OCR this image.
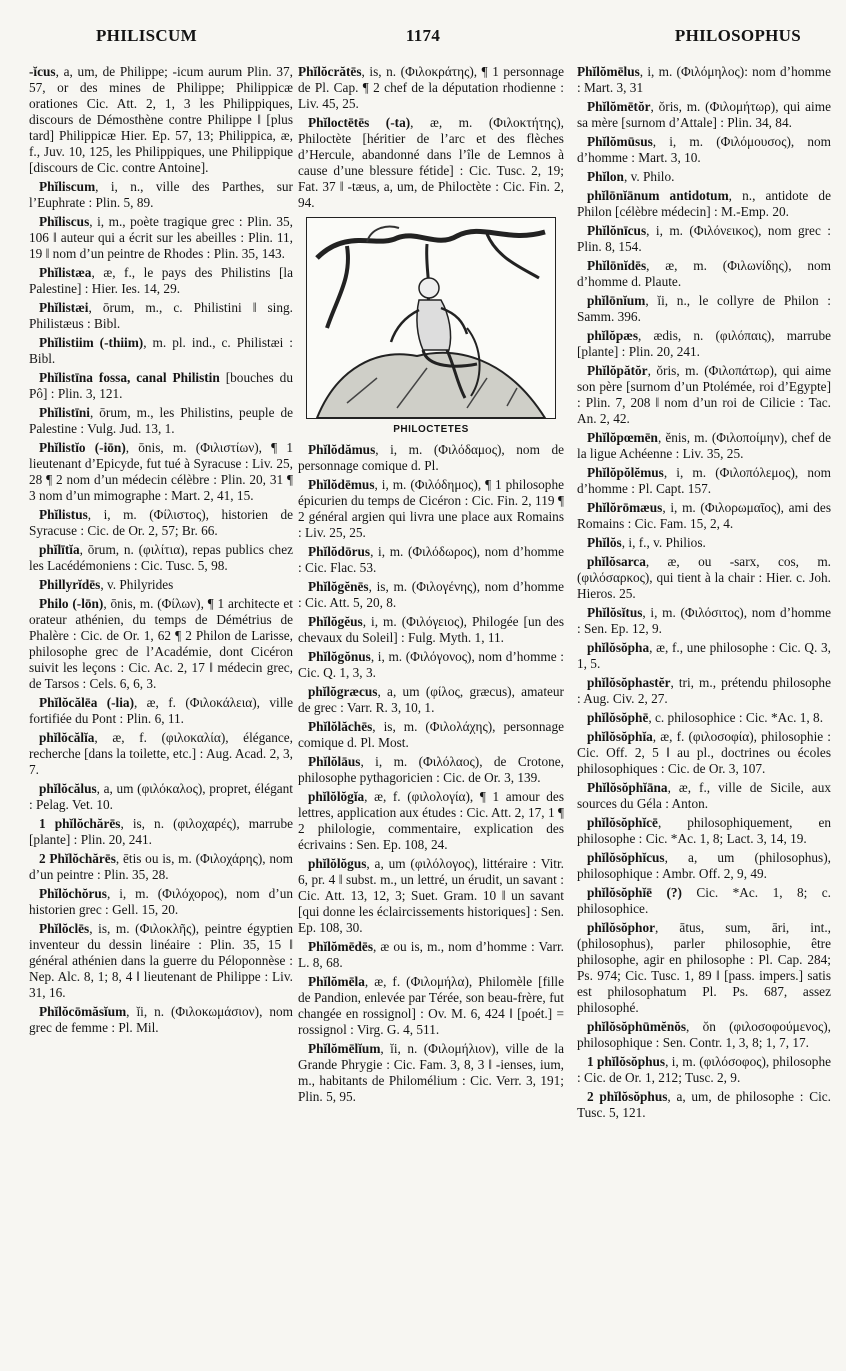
PHILISCUM	1174	PHILOSOPHUS

-ĭcus, a, um, de Philippe; -icum aurum Plin. 37, 57, or des mines de Philippe; Philippicæ orationes Cic. Att. 2, 1, 3 les Philippiques, discours de Démosthène contre Philippe ‖ [plus tard] Philippicæ Hier. Ep. 57, 13; Philippica, æ, f., Juv. 10, 125, les Philippiques, une Philippique [discours de Cic. contre Antoine].

Phĭliscum, i, n., ville des Parthes, sur l’Euphrate : Plin. 5, 89.

Phĭliscus, i, m., poète tragique grec : Plin. 35, 106 ‖ auteur qui a écrit sur les abeilles : Plin. 11, 19 ‖ nom d’un peintre de Rhodes : Plin. 35, 143.

Phĭlistæa, æ, f., le pays des Philistins [la Palestine] : Hier. Ies. 14, 29.

Phĭlistæi, ōrum, m., c. Philistini ‖ sing. Philistæus : Bibl.

Phĭlistiim (-thiim), m. pl. ind., c. Philistæi : Bibl.

Phĭlistīna fossa, canal Philistin [bouches du Pô] : Plin. 3, 121.

Phĭlistīni, ōrum, m., les Philistins, peuple de Palestine : Vulg. Jud. 13, 1.

Phĭlistĭo (-iōn), ōnis, m. (Φιλιστίων), ¶ 1 lieutenant d’Epicyde, fut tué à Syracuse : Liv. 25, 28 ¶ 2 nom d’un médecin célèbre : Plin. 20, 31 ¶ 3 nom d’un mimographe : Mart. 2, 41, 15.

Phĭlistus, i, m. (Φίλιστος), historien de Syracuse : Cic. de Or. 2, 57; Br. 66.

phĭlītĭa, ōrum, n. (φιλίτια), repas publics chez les Lacédémoniens : Cic. Tusc. 5, 98.

Phillyrĭdēs, v. Philyrides

Philo (-lōn), ōnis, m. (Φίλων), ¶ 1 architecte et orateur athénien, du temps de Démétrius de Phalère : Cic. de Or. 1, 62 ¶ 2 Philon de Larisse, philosophe grec de l’Académie, dont Cicéron suivit les leçons : Cic. Ac. 2, 17 ‖ médecin grec, de Tarsos : Cels. 6, 6, 3.

Phĭlŏcălēa (-lia), æ, f. (Φιλοκάλεια), ville fortifiée du Pont : Plin. 6, 11.

phĭlŏcălĭa, æ, f. (φιλοκαλία), élégance, recherche [dans la toilette, etc.] : Aug. Acad. 2, 3, 7.

phĭlŏcălus, a, um (φιλόκαλος), propret, élégant : Pelag. Vet. 10.

1 phĭlŏchărēs, is, n. (φιλοχαρές), marrube [plante] : Plin. 20, 241.

2 Phĭlŏchărēs, ētis ou is, m. (Φιλοχάρης), nom d’un peintre : Plin. 35, 28.

Phĭlŏchŏrus, i, m. (Φιλόχορος), nom d’un historien grec : Gell. 15, 20.

Phĭlŏclēs, is, m. (Φιλοκλῆς), peintre égyptien inventeur du dessin linéaire : Plin. 35, 15 ‖ général athénien dans la guerre du Péloponnèse : Nep. Alc. 8, 1; 8, 4 ‖ lieutenant de Philippe : Liv. 31, 16.

Phĭlŏcōmăsĭum, ĭi, n. (Φιλοκωμάσιον), nom grec de femme : Pl. Mil.

Phĭlŏcrătēs, is, n. (Φιλοκράτης), ¶ 1 personnage de Pl. Cap. ¶ 2 chef de la députation rhodienne : Liv. 45, 25.

Phĭloctētēs (-ta), æ, m. (Φιλοκτήτης), Philoctète [héritier de l’arc et des flèches d’Hercule, abandonné dans l’île de Lemnos à cause d’une blessure fétide] : Cic. Tusc. 2, 19; Fat. 37 ‖ -tæus, a, um, de Philoctète : Cic. Fin. 2, 94.

PHILOCTETES

Phĭlŏdămus, i, m. (Φιλόδαμος), nom de personnage comique d. Pl.

Phĭlŏdēmus, i, m. (Φιλόδημος), ¶ 1 philosophe épicurien du temps de Cicéron : Cic. Fin. 2, 119 ¶ 2 général argien qui livra une place aux Romains : Liv. 25, 25.

Phĭlŏdōrus, i, m. (Φιλόδωρος), nom d’homme : Cic. Flac. 53.

Phĭlŏgĕnēs, is, m. (Φιλογένης), nom d’homme : Cic. Att. 5, 20, 8.

Phĭlŏgĕus, i, m. (Φιλόγειος), Philogée [un des chevaux du Soleil] : Fulg. Myth. 1, 11.

Phĭlŏgŏnus, i, m. (Φιλόγονος), nom d’homme : Cic. Q. 1, 3, 3.

phĭlŏgræcus, a, um (φίλος, græcus), amateur de grec : Varr. R. 3, 10, 1.

Phĭlŏlăchēs, is, m. (Φιλολάχης), personnage comique d. Pl. Most.

Phĭlŏlāus, i, m. (Φιλόλαος), de Crotone, philosophe pythagoricien : Cic. de Or. 3, 139.

phĭlŏlŏgĭa, æ, f. (φιλολογία), ¶ 1 amour des lettres, application aux études : Cic. Att. 2, 17, 1 ¶ 2 philologie, commentaire, explication des écrivains : Sen. Ep. 108, 24.

phĭlŏlŏgus, a, um (φιλόλογος), littéraire : Vitr. 6, pr. 4 ‖ subst. m., un lettré, un érudit, un savant : Cic. Att. 13, 12, 3; Suet. Gram. 10 ‖ un savant [qui donne les éclaircissements historiques] : Sen. Ep. 108, 30.

Phĭlŏmēdēs, æ ou is, m., nom d’homme : Varr. L. 8, 68.

Phĭlŏmēla, æ, f. (Φιλομήλα), Philomèle [fille de Pandion, enlevée par Térée, son beau-frère, fut changée en rossignol] : Ov. M. 6, 424 ‖ [poét.] = rossignol : Virg. G. 4, 511.

Phĭlŏmēlĭum, ĭi, n. (Φιλομήλιον), ville de la Grande Phrygie : Cic. Fam. 3, 8, 3 ‖ -ienses, ium, m., habitants de Philomélium : Cic. Verr. 3, 191; Plin. 5, 95.

Phĭlŏmēlus, i, m. (Φιλόμηλος): nom d’homme : Mart. 3, 31

Phĭlŏmētŏr, ŏris, m. (Φιλομήτωρ), qui aime sa mère [surnom d’Attale] : Plin. 34, 84.

Phĭlŏmūsus, i, m. (Φιλόμουσος), nom d’homme : Mart. 3, 10.

Phĭlon, v. Philo.

phĭlōnĭānum antidotum, n., antidote de Philon [célèbre médecin] : M.-Emp. 20.

Phĭlŏnīcus, i, m. (Φιλόνεικος), nom grec : Plin. 8, 154.

Phĭlōnĭdēs, æ, m. (Φιλωνίδης), nom d’homme d. Plaute.

phĭlōnĭum, ĭi, n., le collyre de Philon : Samm. 396.

phĭlŏpæs, ædis, n. (φιλόπαις), marrube [plante] : Plin. 20, 241.

Phĭlŏpătŏr, ŏris, m. (Φιλοπάτωρ), qui aime son père [surnom d’un Ptolémée, roi d’Egypte] : Plin. 7, 208 ‖ nom d’un roi de Cilicie : Tac. An. 2, 42.

Phĭlŏpœmēn, ĕnis, m. (Φιλοποίμην), chef de la ligue Achéenne : Liv. 35, 25.

Phĭlŏpŏlĕmus, i, m. (Φιλοπόλεμος), nom d’homme : Pl. Capt. 157.

Phĭlŏrōmæus, i, m. (Φιλορωμαῖος), ami des Romains : Cic. Fam. 15, 2, 4.

Phĭlŏs, i, f., v. Philios.

phĭlŏsarca, æ, ou -sarx, cos, m. (φιλόσαρκος), qui tient à la chair : Hier. c. Joh. Hieros. 25.

Phĭlŏsĭtus, i, m. (Φιλόσιτος), nom d’homme : Sen. Ep. 12, 9.

phĭlŏsŏpha, æ, f., une philosophe : Cic. Q. 3, 1, 5.

phĭlŏsŏphastĕr, tri, m., prétendu philosophe : Aug. Civ. 2, 27.

phĭlŏsŏphē, c. philosophice : Cic. *Ac. 1, 8.

phĭlŏsŏphĭa, æ, f. (φιλοσοφία), philosophie : Cic. Off. 2, 5 ‖ au pl., doctrines ou écoles philosophiques : Cic. de Or. 3, 107.

Phĭlŏsŏphĭāna, æ, f., ville de Sicile, aux sources du Géla : Anton.

phĭlŏsŏphĭcē, philosophiquement, en philosophe : Cic. *Ac. 1, 8; Lact. 3, 14, 19.

phĭlŏsŏphĭcus, a, um (philosophus), philosophique : Ambr. Off. 2, 9, 49.

phĭlŏsŏphĭē (?) Cic. *Ac. 1, 8; c. philosophice.

phĭlŏsŏphor, ātus, sum, āri, int., (philosophus), parler philosophie, être philosophe, agir en philosophe : Pl. Cap. 284; Ps. 974; Cic. Tusc. 1, 89 ‖ [pass. impers.] satis est philosophatum Pl. Ps. 687, assez philosophé.

phĭlŏsŏphūmĕnŏs, ŏn (φιλοσοφούμενος), philosophique : Sen. Contr. 1, 3, 8; 1, 7, 17.

1 phĭlŏsŏphus, i, m. (φιλόσοφος), philosophe : Cic. de Or. 1, 212; Tusc. 2, 9.

2 phĭlŏsŏphus, a, um, de philosophe : Cic. Tusc. 5, 121.
